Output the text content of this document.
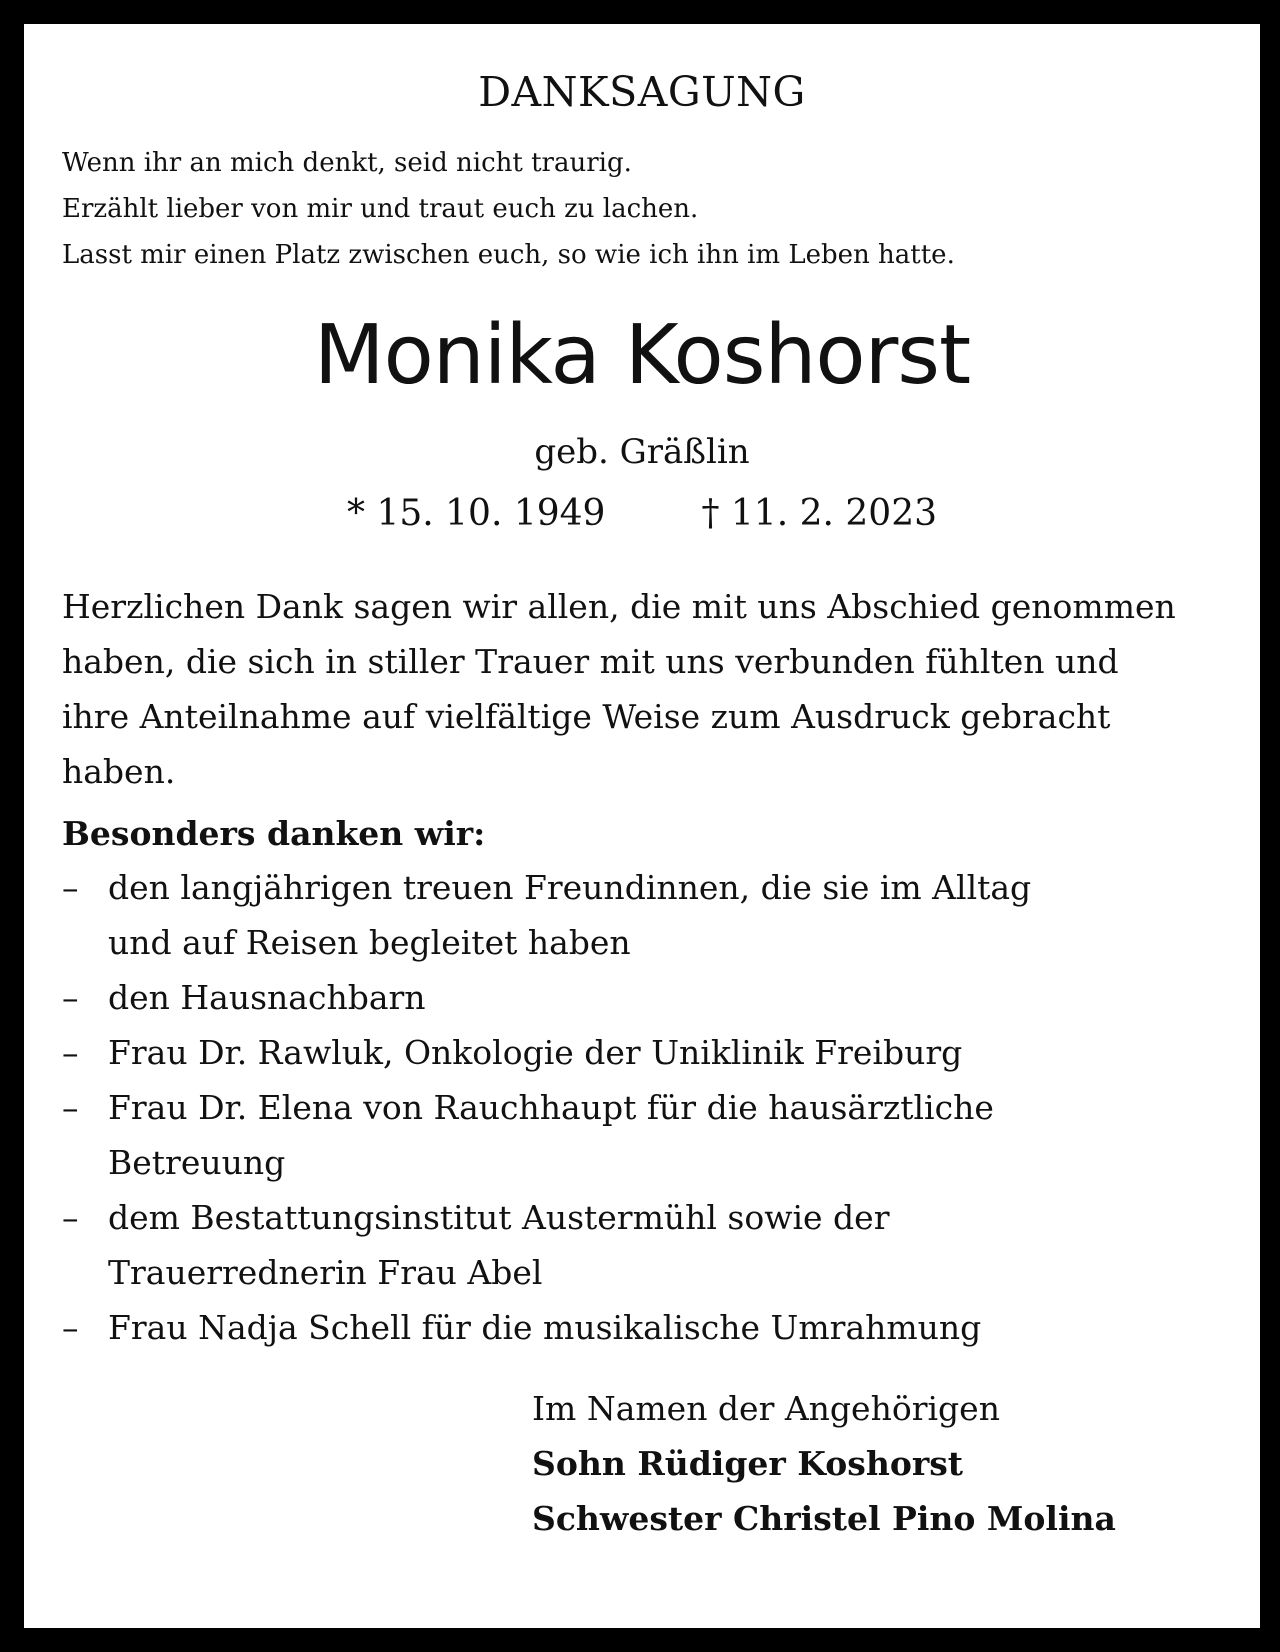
DANKSAGUNG
Wenn ihr an mich denkt, seid nicht traurig.
Erzählt lieber von mir und traut euch zu lachen.
Lasst mir einen Platz zwischen euch, so wie ich ihn im Leben hatte.
Monika Koshorst
geb. Gräßlin
* 15. 10. 1949	† 11. 2. 2023
Herzlichen Dank sagen wir allen, die mit uns Abschied genommen
haben, die sich in stiller Trauer mit uns verbunden fühlten und
ihre Anteilnahme auf vielfältige Weise zum Ausdruck gebracht
haben.
Besonders danken wir:
– den langjährigen treuen Freundinnen, die sie im Alltag
und auf Reisen begleitet haben
– den Hausnachbarn
– Frau Dr. Rawluk, Onkologie der Uniklinik Freiburg
– Frau Dr. Elena von Rauchhaupt für die hausärztliche
Betreuung
– dem Bestattungsinstitut Austermühl sowie der
Trauerrednerin Frau Abel
– Frau Nadja Schell für die musikalische Umrahmung
Im Namen der Angehörigen
Sohn Rüdiger Koshorst
Schwester Christel Pino Molina
